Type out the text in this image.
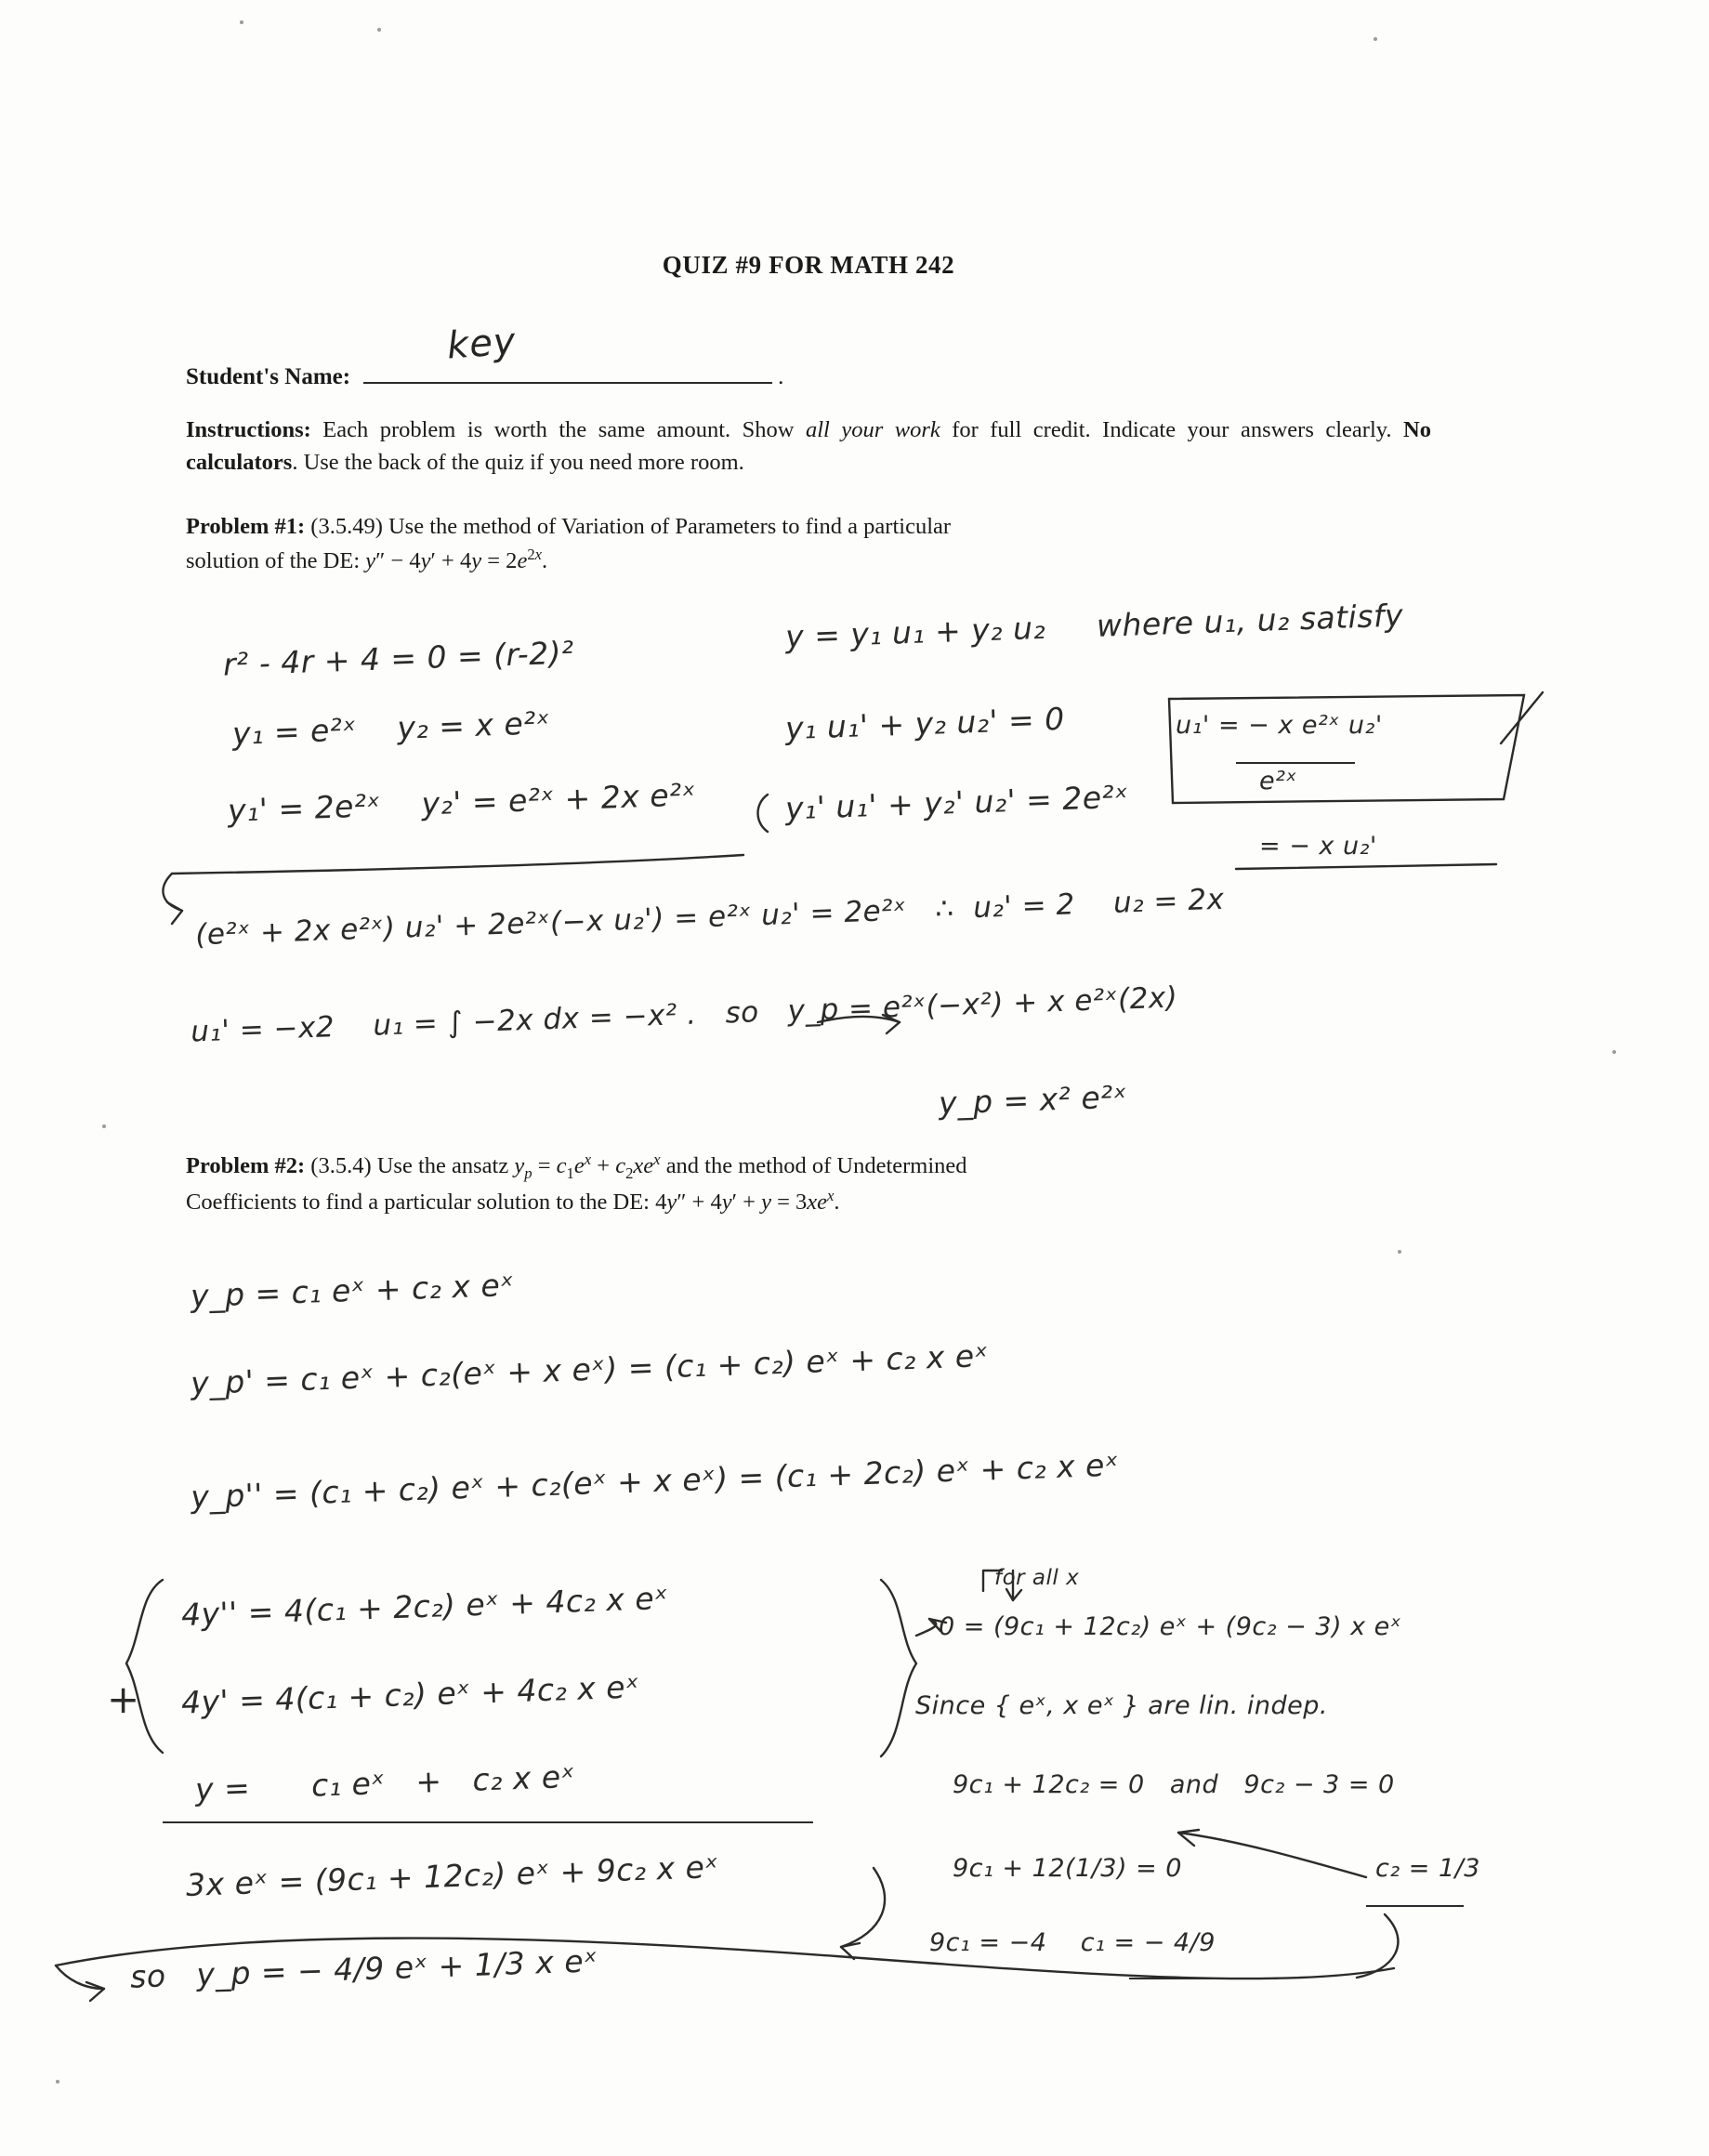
QUIZ #9 FOR MATH 242
Student's Name:
key
.

Instructions: Each problem is worth the same amount. Show all your work for full credit. Indicate your answers clearly. No calculators. Use the back of the quiz if you need more room.

Problem #1: (3.5.49) Use the method of Variation of Parameters to find a particular
solution of the DE: $y'' - 4y' + 4y = 2e^{2x}$.

Problem #2: (3.5.4) Use the ansatz $y_p = c_1e^x + c_2xe^x$ and the method of Undetermined
Coefficients to find a particular solution to the DE: $4y'' + 4y' + y = 3xe^x$.

r² - 4r + 4 = 0 = (r-2)²
y₁ = e²ˣ    y₂ = x e²ˣ
y₁' = 2e²ˣ    y₂' = e²ˣ + 2x e²ˣ
y = y₁ u₁ + y₂ u₂     where u₁, u₂ satisfy
y₁ u₁' + y₂ u₂' = 0
y₁' u₁' + y₂' u₂' = 2e²ˣ
u₁' = − x e²ˣ u₂'
e²ˣ
= − x u₂'
(e²ˣ + 2x e²ˣ) u₂' + 2e²ˣ(−x u₂') = e²ˣ u₂' = 2e²ˣ   ∴  u₂' = 2    u₂ = 2x
u₁' = −x2    u₁ = ∫ −2x dx = −x² .   so   y_p = e²ˣ(−x²) + x e²ˣ(2x)
y_p = x² e²ˣ
y_p = c₁ eˣ + c₂ x eˣ
y_p' = c₁ eˣ + c₂(eˣ + x eˣ) = (c₁ + c₂) eˣ + c₂ x eˣ
y_p'' = (c₁ + c₂) eˣ + c₂(eˣ + x eˣ) = (c₁ + 2c₂) eˣ + c₂ x eˣ
4y'' = 4(c₁ + 2c₂) eˣ + 4c₂ x eˣ
4y' = 4(c₁ + c₂) eˣ + 4c₂ x eˣ
y =      c₁ eˣ   +   c₂ x eˣ
+
3x eˣ = (9c₁ + 12c₂) eˣ + 9c₂ x eˣ
so   y_p = − 4/9 eˣ + 1/3 x eˣ
for all x
0 = (9c₁ + 12c₂) eˣ + (9c₂ − 3) x eˣ
Since { eˣ, x eˣ } are lin. indep.
9c₁ + 12c₂ = 0   and   9c₂ − 3 = 0
9c₁ + 12(1/3) = 0
9c₁ = −4    c₁ = − 4/9
c₂ = 1/3
